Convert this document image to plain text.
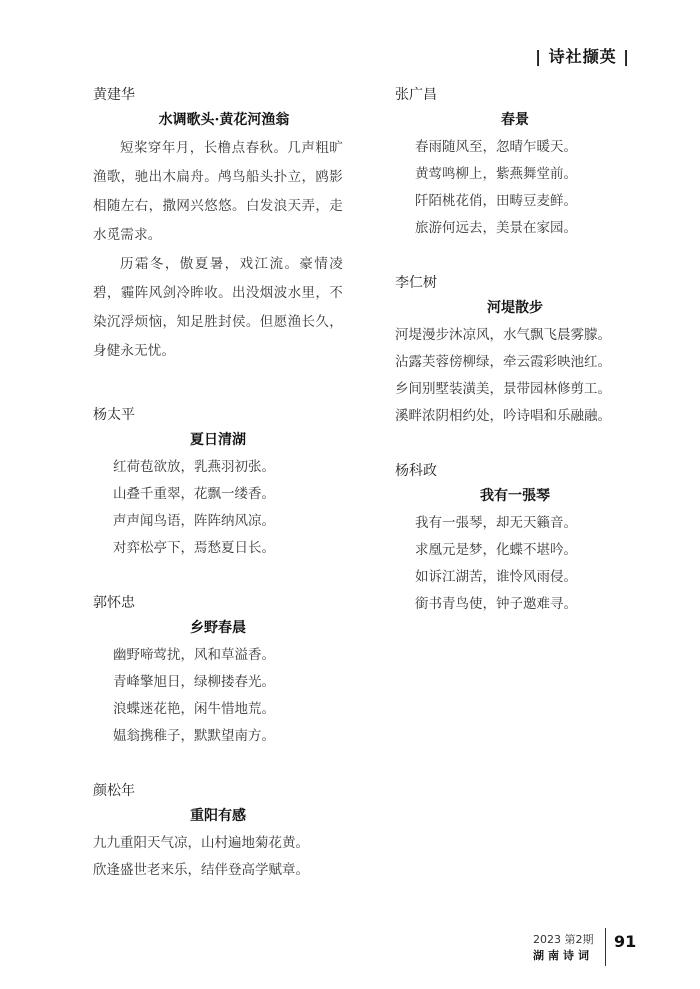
| 诗社撷英 |
黄建华
水调歌头·黄花河渔翁

短桨穿年月，长橹点春秋。几声粗旷渔歌，驰出木扁舟。鸬鸟船头扑立，鸥影相随左右，撒网兴悠悠。白发浪天弄，走水觅需求。

历霜冬，傲夏暑，戏江流。豪情凌碧，霾阵风剑冷眸收。出没烟波水里，不染沉浮烦恼，知足胜封侯。但愿渔长久，身健永无忧。

杨太平
夏日清湖
红荷苞欲放，乳燕羽初张。
山叠千重翠，花飘一缕香。
声声闻鸟语，阵阵纳风凉。
对弈松亭下，焉愁夏日长。
郭怀忠
乡野春晨
幽野啼莺扰，风和草溢香。
青峰擎旭日，绿柳搂春光。
浪蝶迷花艳，闲牛惜地荒。
媪翁携稚子，默默望南方。
颜松年
重阳有感
九九重阳天气凉，山村遍地菊花黄。
欣逢盛世老来乐，结伴登高学赋章。
张广昌
春景
春雨随风至，忽晴乍暖天。
黄莺鸣柳上，紫燕舞堂前。
阡陌桃花俏，田畴豆麦鲜。
旅游何远去，美景在家园。
李仁树
河堤散步
河堤漫步沐凉风，水气飘飞晨雾朦。
沾露芙蓉傍柳绿，牵云霞彩映池红。
乡间别墅装潢美，景带园林修剪工。
溪畔浓阴相约处，吟诗唱和乐融融。
杨科政
我有一張琴
我有一張琴，却无天籟音。
求凰元是梦，化蝶不堪吟。
如诉江湖苦，谁怜风雨侵。
銜书青鸟使，钟子邀难寻。
2023 第2期
湖南诗词
91
